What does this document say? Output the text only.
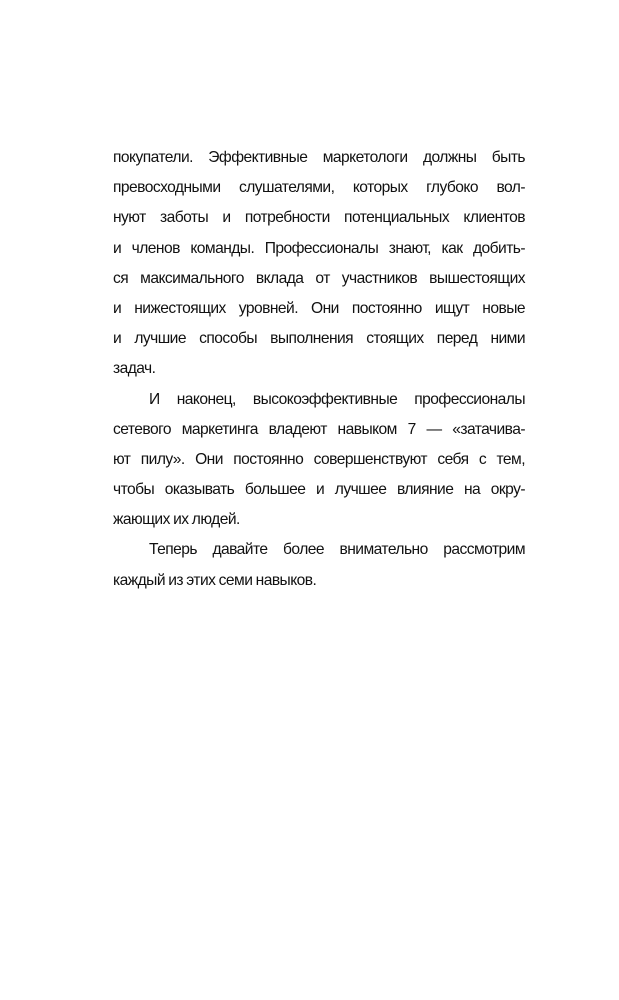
покупатели. Эффективные маркетологи должны быть
превосходными слушателями, которых глубоко вол-
нуют заботы и потребности потенциальных клиентов
и членов команды. Профессионалы знают, как добить-
ся максимального вклада от участников вышестоящих
и нижестоящих уровней. Они постоянно ищут новые
и лучшие способы выполнения стоящих перед ними
задач.
И наконец, высокоэффективные профессионалы
сетевого маркетинга владеют навыком 7 — «затачива-
ют пилу». Они постоянно совершенствуют себя с тем,
чтобы оказывать большее и лучшее влияние на окру-
жающих их людей.
Теперь давайте более внимательно рассмотрим
каждый из этих семи навыков.
